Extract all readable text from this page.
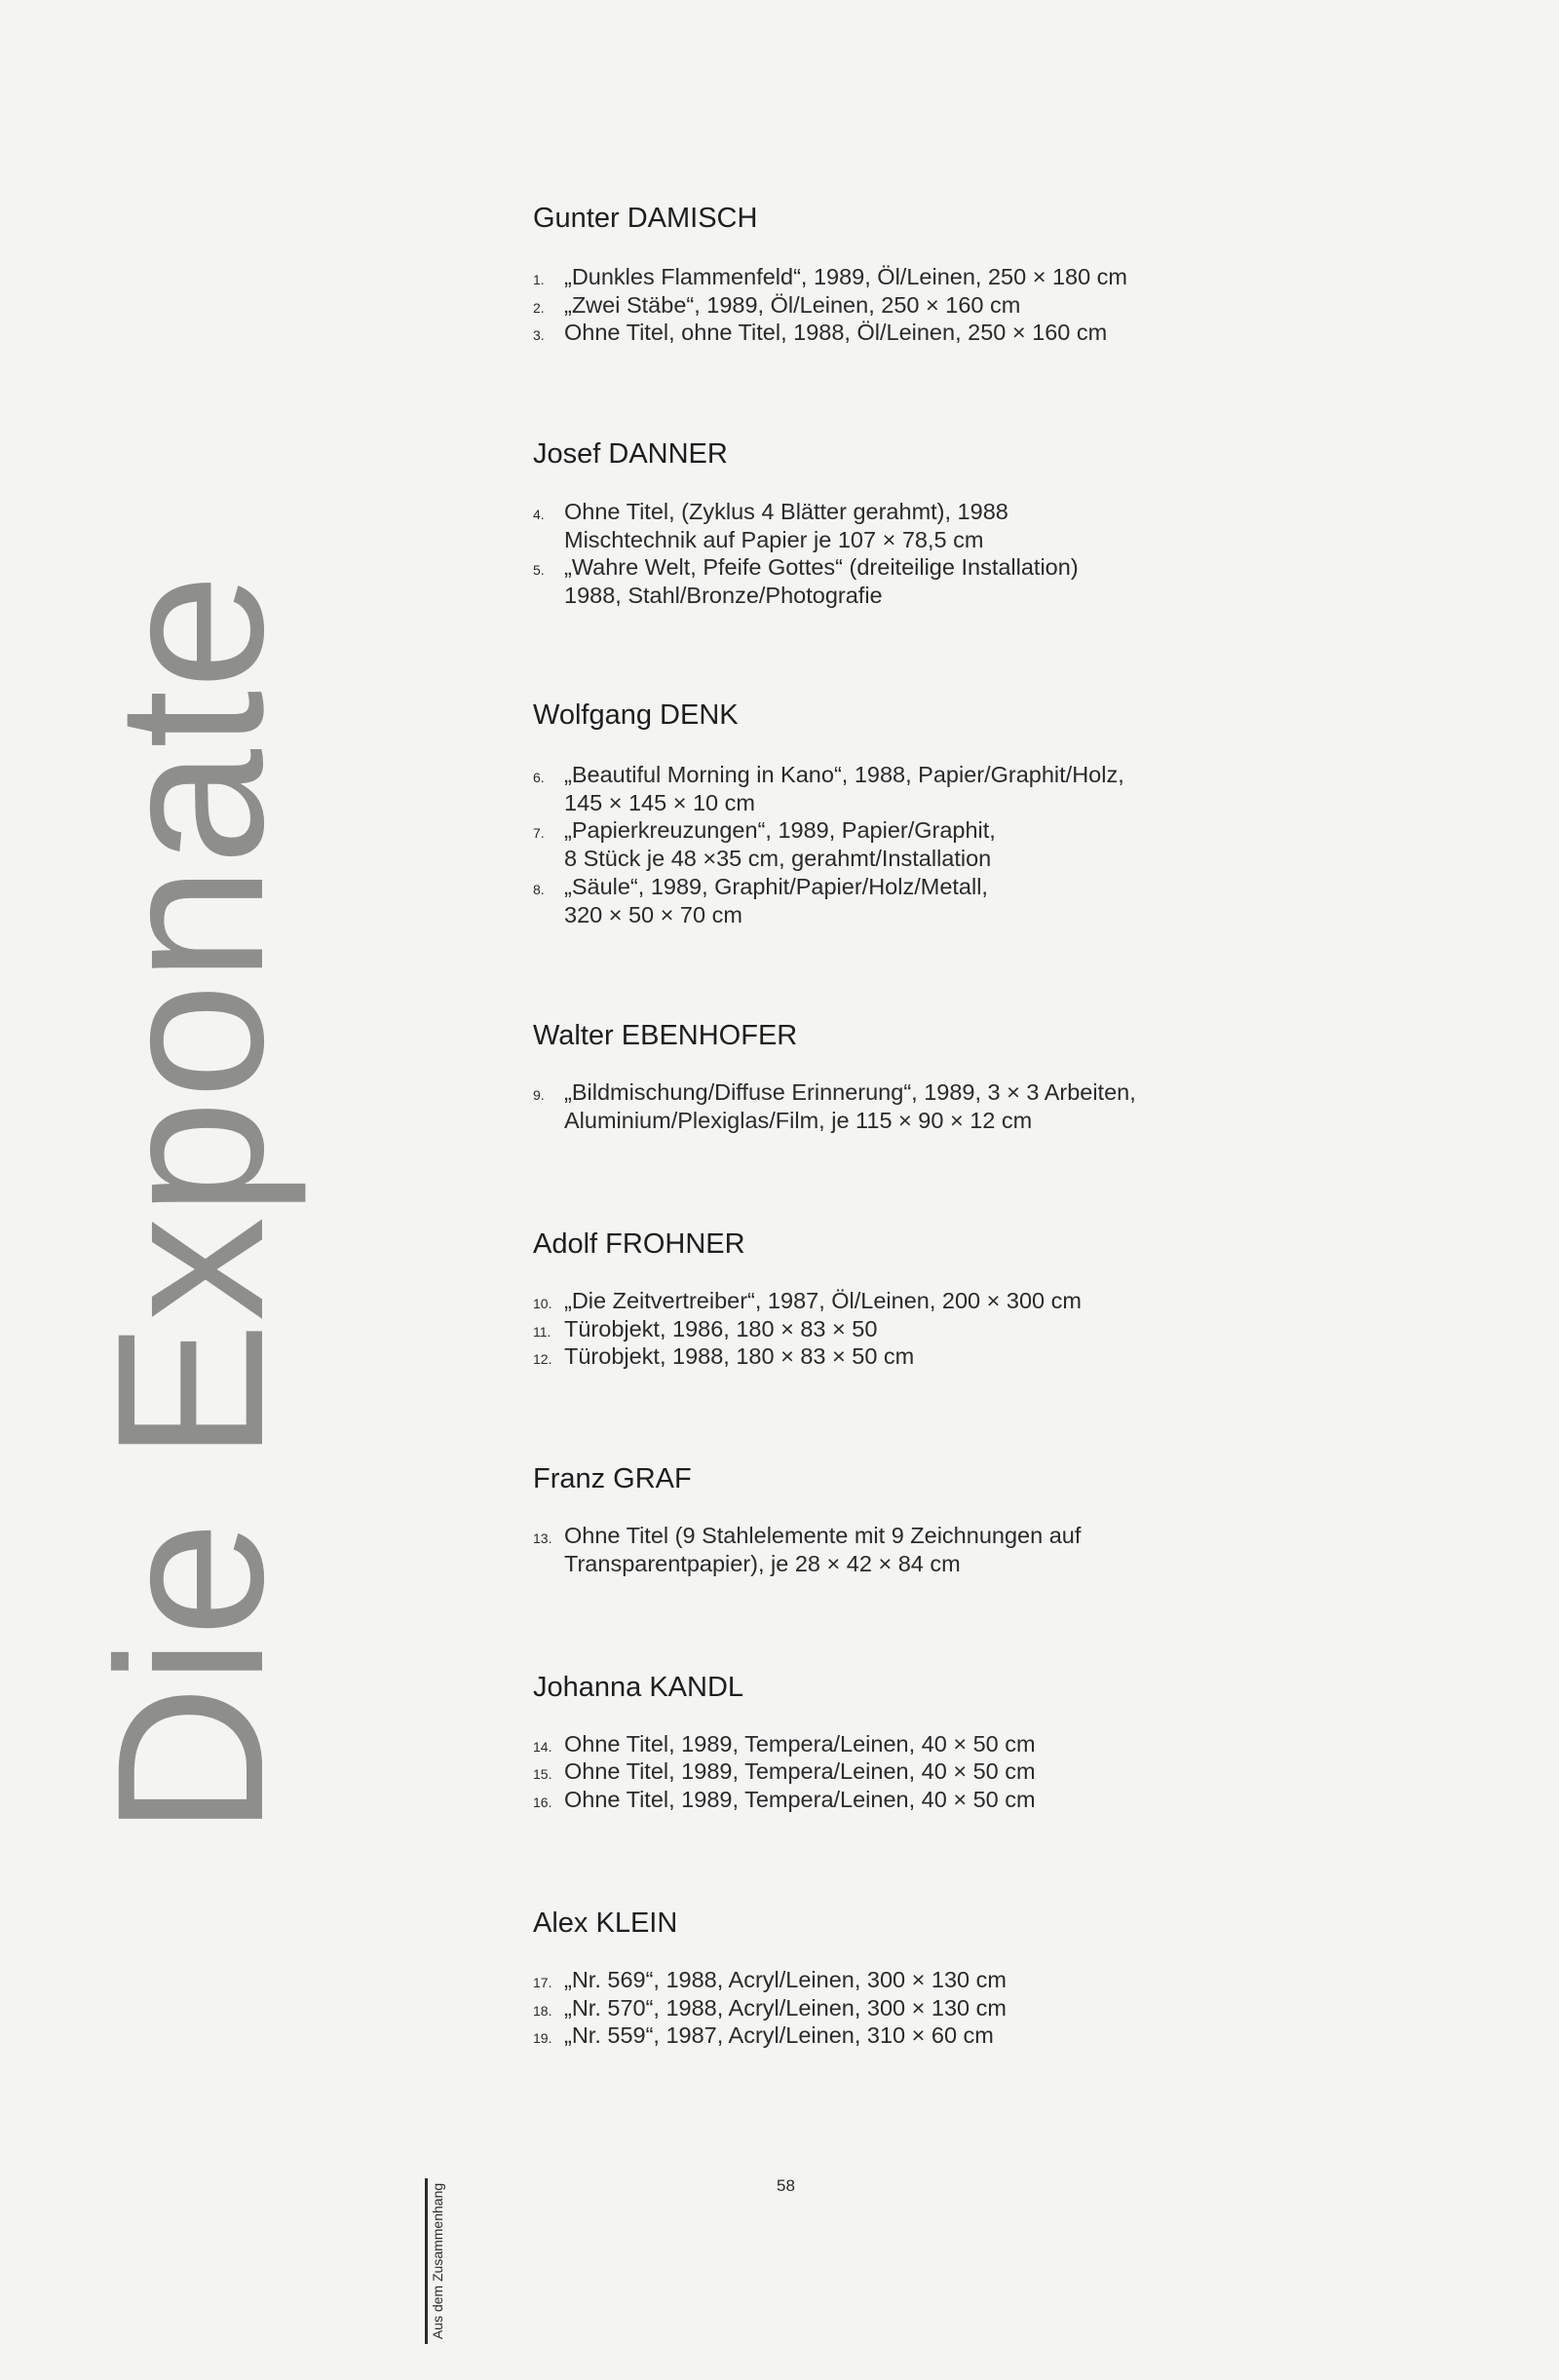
Die Exponate
Gunter DAMISCH
1. „Dunkles Flammenfeld“, 1989, Öl/Leinen, 250 × 180 cm
2. „Zwei Stäbe“, 1989, Öl/Leinen, 250 × 160 cm
3. Ohne Titel, ohne Titel, 1988, Öl/Leinen, 250 × 160 cm
Josef DANNER
4. Ohne Titel, (Zyklus 4 Blätter gerahmt), 1988
Mischtechnik auf Papier je 107 × 78,5 cm
5. „Wahre Welt, Pfeife Gottes“ (dreiteilige Installation)
1988, Stahl/Bronze/Photografie
Wolfgang DENK
6. „Beautiful Morning in Kano“, 1988, Papier/Graphit/Holz,
145 × 145 × 10 cm
7. „Papierkreuzungen“, 1989, Papier/Graphit,
8 Stück je 48 ×35 cm, gerahmt/Installation
8. „Säule“, 1989, Graphit/Papier/Holz/Metall,
320 × 50 × 70 cm
Walter EBENHOFER
9. „Bildmischung/Diffuse Erinnerung“, 1989, 3 × 3 Arbeiten,
Aluminium/Plexiglas/Film, je 115 × 90 × 12 cm
Adolf FROHNER
10. „Die Zeitvertreiber“, 1987, Öl/Leinen, 200 × 300 cm
11. Türobjekt, 1986, 180 × 83 × 50
12. Türobjekt, 1988, 180 × 83 × 50 cm
Franz GRAF
13. Ohne Titel (9 Stahlelemente mit 9 Zeichnungen auf
Transparentpapier), je 28 × 42 × 84 cm
Johanna KANDL
14. Ohne Titel, 1989, Tempera/Leinen, 40 × 50 cm
15. Ohne Titel, 1989, Tempera/Leinen, 40 × 50 cm
16. Ohne Titel, 1989, Tempera/Leinen, 40 × 50 cm
Alex KLEIN
17. „Nr. 569“, 1988, Acryl/Leinen, 300 × 130 cm
18. „Nr. 570“, 1988, Acryl/Leinen, 300 × 130 cm
19. „Nr. 559“, 1987, Acryl/Leinen, 310 × 60 cm
58
Aus dem Zusammenhang
